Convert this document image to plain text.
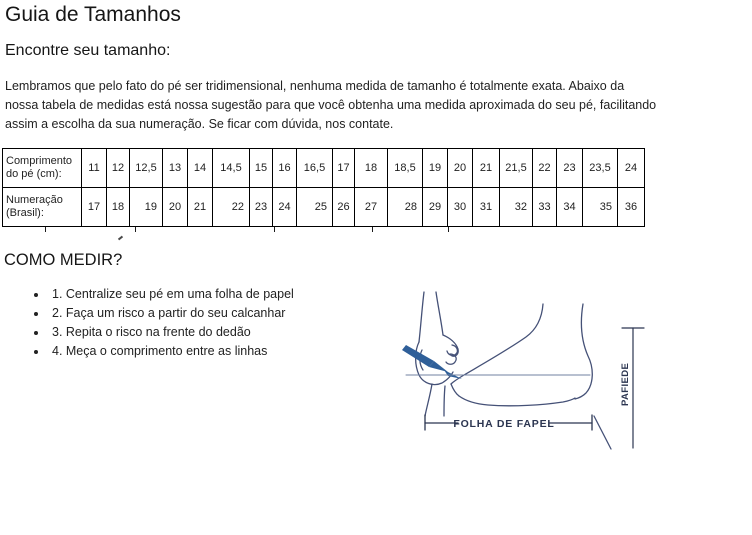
Guia de Tamanhos
Encontre seu tamanho:
Lembramos que pelo fato do pé ser tridimensional, nenhuma medida de tamanho é totalmente exata. Abaixo da
nossa tabela de medidas está nossa sugestão para que você obtenha uma medida aproximada do seu pé, facilitando
assim a escolha da sua numeração. Se ficar com dúvida, nos contate.
Comprimento do pé (cm):	11	12	12,5	13	14	14,5	15	16	16,5	17	18	18,5	19	20	21	21,5	22	23	23,5	24
Numeração (Brasil):	17	18	19	20	21	22	23	24	25	26	27	28	29	30	31	32	33	34	35	36
COMO MEDIR?
• 1. Centralize seu pé em uma folha de papel
• 2. Faça um risco a partir do seu calcanhar
• 3. Repita o risco na frente do dedão
• 4. Meça o comprimento entre as linhas
FOLHA DE FAPEL
PAFIEDE
